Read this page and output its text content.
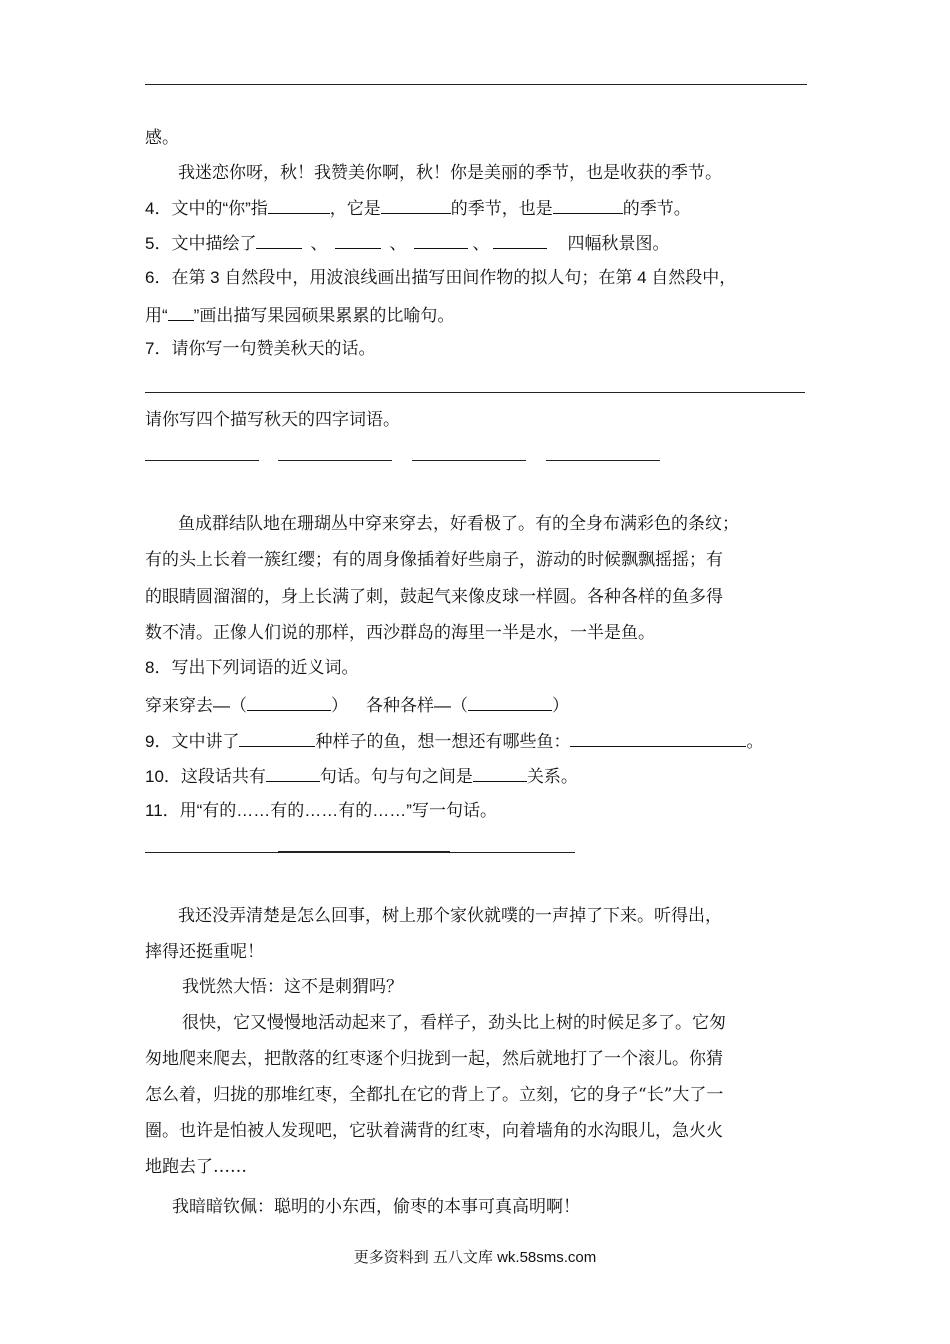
感。
我迷恋你呀，秋！我赞美你啊，秋！你是美丽的季节，也是收获的季节。
4．文中的“你”指	，它是	的季节，也是	的季节。
5．文中描绘了	、	、	、	四幅秋景图。
6．在第 3 自然段中，用波浪线画出描写田间作物的拟人句；在第 4 自然段中，
用“ ”画出描写果园硕果累累的比喻句。
7．请你写一句赞美秋天的话。
请你写四个描写秋天的四字词语。
鱼成群结队地在珊瑚丛中穿来穿去，好看极了。有的全身布满彩色的条纹；
有的头上长着一簇红缨；有的周身像插着好些扇子，游动的时候飘飘摇摇；有
的眼睛圆溜溜的，身上长满了刺，鼓起气来像皮球一样圆。各种各样的鱼多得
数不清。正像人们说的那样，西沙群岛的海里一半是水，一半是鱼。
8．写出下列词语的近义词。
穿来穿去—（	） 各种各样—（	）
9．文中讲了	种样子的鱼，想一想还有哪些鱼：	。
10．这段话共有	句话。句与句之间是	关系。
11．用“有的……有的……有的……”写一句话。
我还没弄清楚是怎么回事，树上那个家伙就噗的一声掉了下来。听得出，
摔得还挺重呢！
我恍然大悟：这不是刺猬吗？
很快，它又慢慢地活动起来了，看样子，劲头比上树的时候足多了。它匆
匆地爬来爬去，把散落的红枣逐个归拢到一起，然后就地打了一个滚儿。你猜
怎么着，归拢的那堆红枣，全都扎在它的背上了。立刻，它的身子“长”大了一
圈。也许是怕被人发现吧，它驮着满背的红枣，向着墙角的水沟眼儿，急火火
地跑去了……
我暗暗钦佩：聪明的小东西，偷枣的本事可真高明啊！
更多资料到 五八文库 wk.58sms.com
